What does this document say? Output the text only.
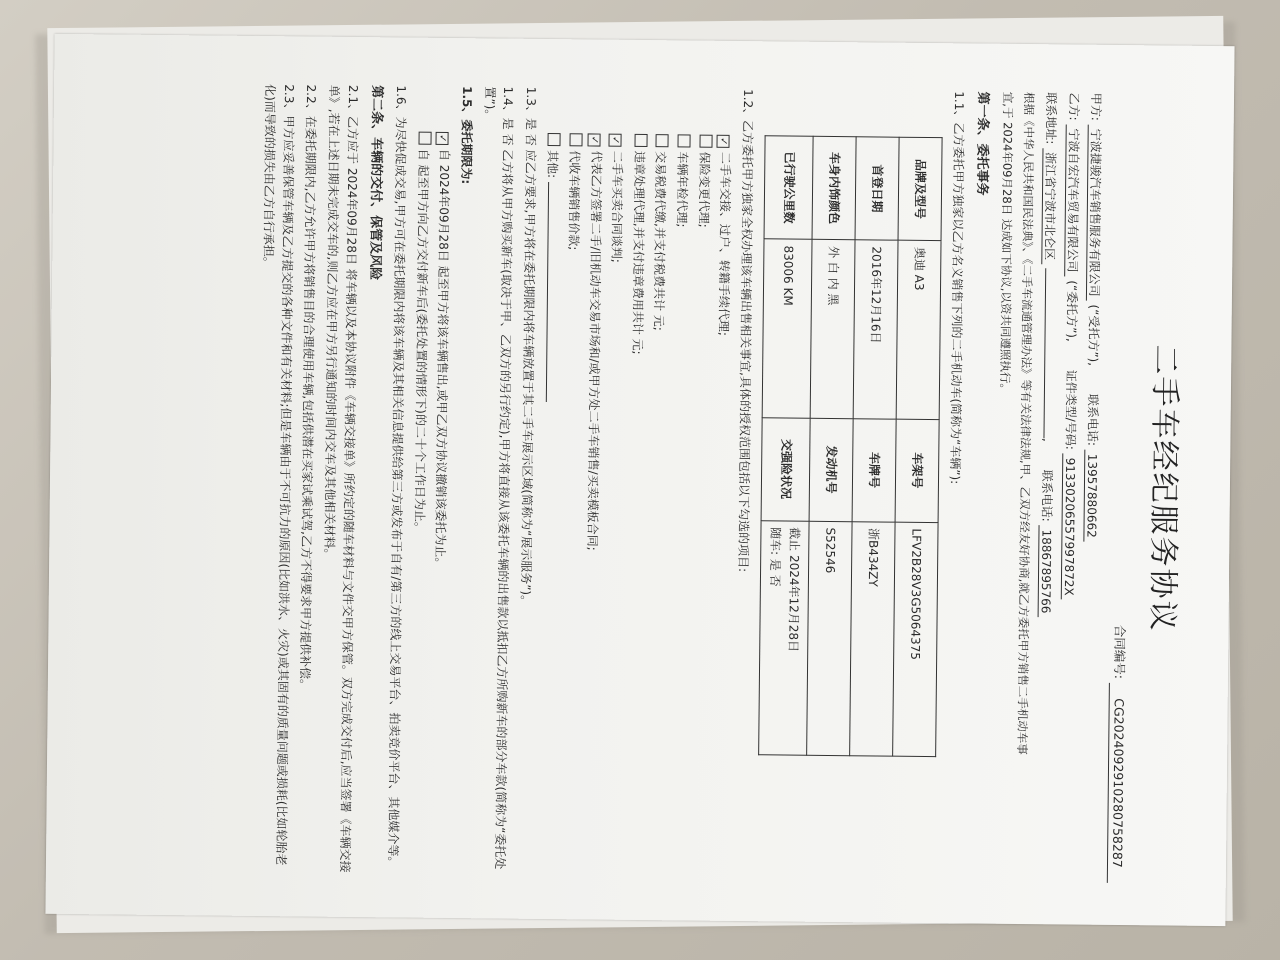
二手车经纪服务协议
合同编号: CG20240929102807582​87
甲方: 宁波捷骏汽车销售服务有限公司 (“受托方”), 联系电话: 13957880662
乙方: 宁波自宏汽车贸易有限公司 (“委托方”), 证件类型/号码: 91330206557997872X
联系地址: 浙江省宁波市北仑区 , 联系电话: 18867895766
根据《中华人民共和国民法典》、《二手车流通管理办法》等有关法律法规,甲、乙双方经友好协商,就乙方委托甲方销售二手机动车事
宜,于 2024年09月28日 达成如下协议,以资共同遵照执行。
第一条、委托事务
1.1、乙方委托甲方独家以乙方名义销售下列的二手机动车(简称为“车辆”):
品牌及型号	奥迪 A3	车架号	LFV2B28V3G5064375
首登日期	2016年12月16日	车牌号	浙B434ZY
车身内饰颜色	外 白 内 黑	发动机号	S52546
已行驶公里数	83006 KM	交强险状况	截止 2024年12月28日
随车: 是 否
1.2、乙方委托甲方独家全权办理该车辆出售相关事宜,具体的授权范围包括以下勾选的项目:
✓二手车交接、过户、转籍手续代理;
保险变更代理;
车辆年检代理;
交易税费代缴,并支付税费共计 元;
违章处理代理,并支付违章费用共计 元;
✓二手车买卖合同谈判;
✓代表乙方签署二手/旧机动车交易市场和/或甲方处二手车销售/买卖模板合同;
代收车辆销售价款;
其他:
1.3、是 否 应乙方要求,甲方将在委托期限内将车辆放置于其二手车展示区域(简称为“展示服务”)。
1.4、是 否 乙方将从甲方购买新车(取决于甲、乙双方的另行约定),甲方将直接从该委托车辆的出售款以抵扣乙方所购新车的部分车款(简称为“委托处置”)。
1.5、委托期限为:
✓自 2024年09月28日 起至甲方将该车辆售出,或甲乙双方协议撤销该委托为止。
自 起至甲方向乙方交付新车后(委托处置的情形下)的二十个工作日为止。
1.6、为尽快促成交易,甲方可在委托期限内将该车辆及其相关信息提供给第三方或发布于自有/第三方的线上交易平台、拍卖竞价平台、其他媒介等。
第二条、车辆的交付、保管及风险
2.1、乙方应于 2024年09月28日 将车辆以及本协议附件《车辆交接单》所约定的随车材料与文件交甲方保管。双方完成交付后,应当签署《车辆交接单》,若在上述日期未完成交车的,则乙方应在甲方另行通知的时间内交车及其他相关材料。
2.2、在委托期限内,乙方允许甲方将销售目的合理使用车辆,包括供潜在买家试乘试驾,乙方不得要求甲方提供补偿。
2.3、甲方应妥善保管车辆及乙方提交的各种文件和有关材料;但是车辆由于不可抗力的原因(比如洪水、火灾)或其固有的质量问题或损耗(比如轮胎老化)而导致的损失由乙方自行承担。
